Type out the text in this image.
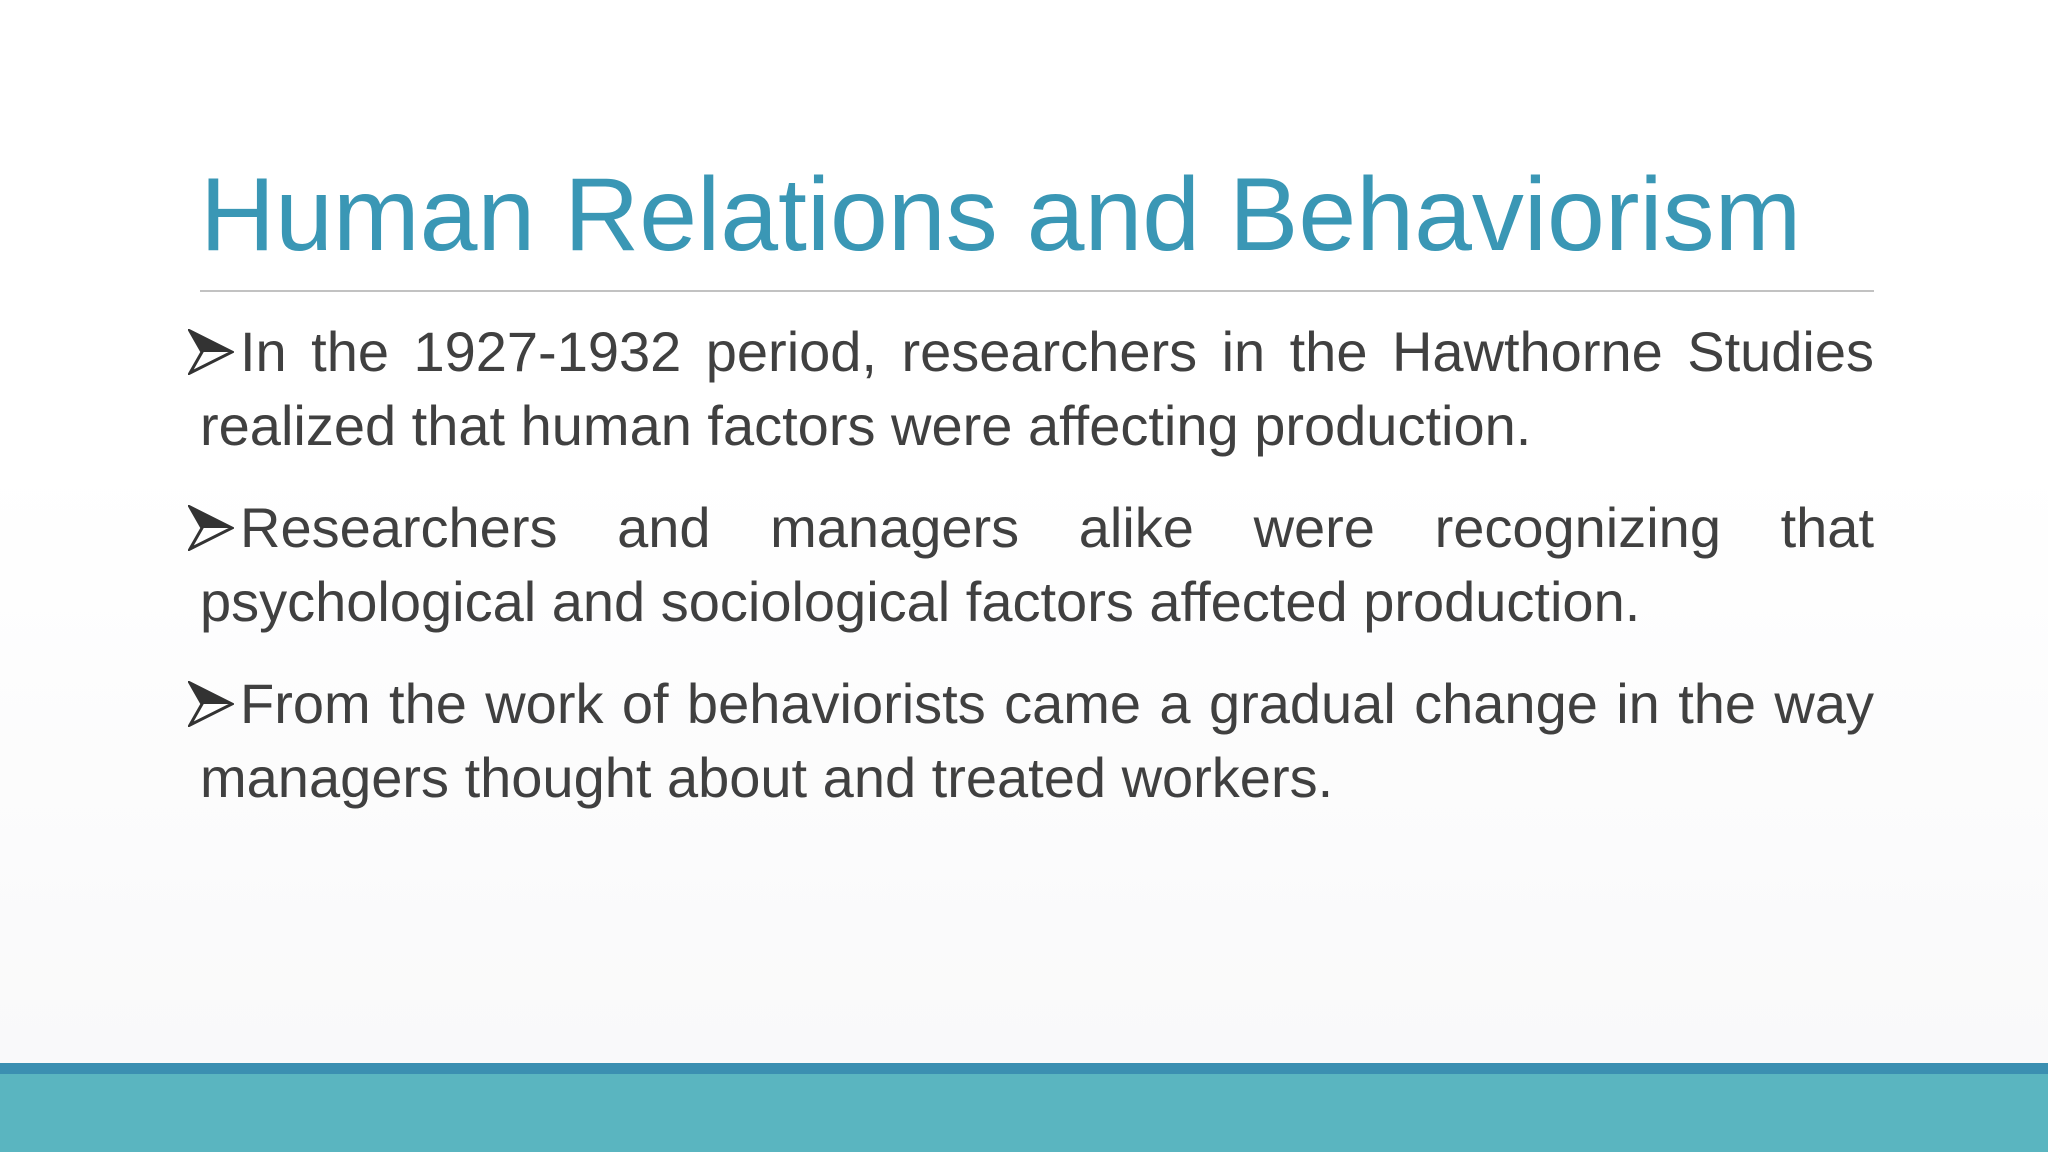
Human Relations and Behaviorism
In the 1927-1932 period, researchers in the Hawthorne Studies realized that human factors were affecting production.
Researchers and managers alike were recognizing that psychological and sociological factors affected production.
From the work of behaviorists came a gradual change in the way managers thought about and treated workers.
